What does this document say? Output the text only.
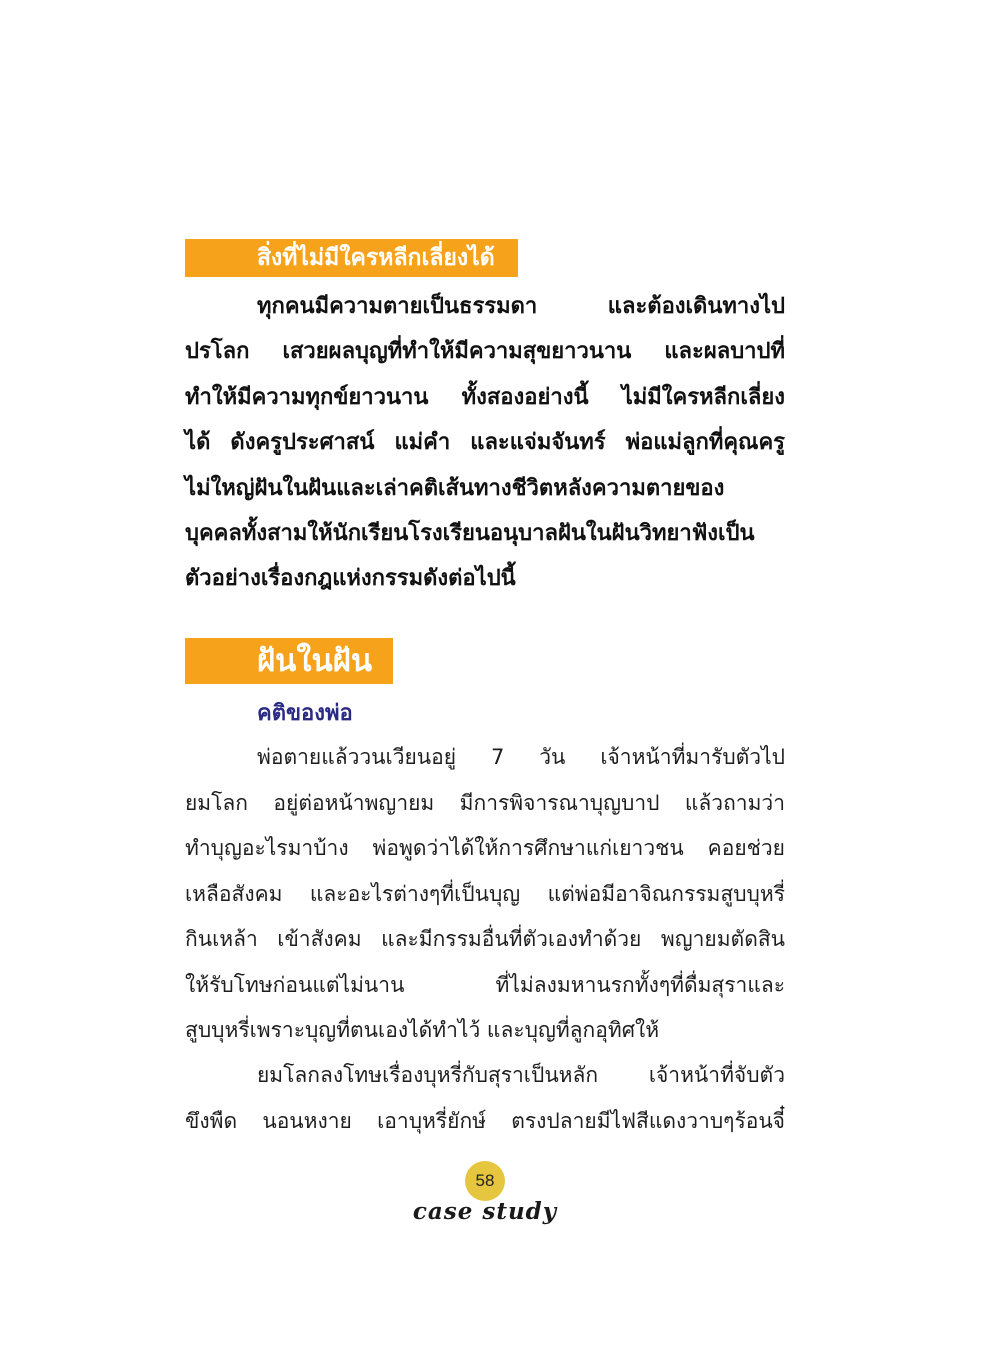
สิ่งที่ไม่มีใครหลีกเลี่ยงได้
ทุกคนมีความตายเป็นธรรมดา และต้องเดินทางไป
ปรโลก เสวยผลบุญที่ทำให้มีความสุขยาวนาน และผลบาปที่
ทำให้มีความทุกข์ยาวนาน ทั้งสองอย่างนี้ ไม่มีใครหลีกเลี่ยง
ได้ ดังครูประศาสน์ แม่คำ และแจ่มจันทร์ พ่อแม่ลูกที่คุณครู
ไม่ใหญ่ฝันในฝันและเล่าคติเส้นทางชีวิตหลังความตายของ
บุคคลทั้งสามให้นักเรียนโรงเรียนอนุบาลฝันในฝันวิทยาฟังเป็น
ตัวอย่างเรื่องกฎแห่งกรรมดังต่อไปนี้
ฝันในฝัน
คติของพ่อ
พ่อตายแล้ววนเวียนอยู่ 7 วัน เจ้าหน้าที่มารับตัวไป
ยมโลก อยู่ต่อหน้าพญายม มีการพิจารณาบุญบาป แล้วถามว่า
ทำบุญอะไรมาบ้าง พ่อพูดว่าได้ให้การศึกษาแก่เยาวชน คอยช่วย
เหลือสังคม และอะไรต่างๆที่เป็นบุญ แต่พ่อมีอาจิณกรรมสูบบุหรี่
กินเหล้า เข้าสังคม และมีกรรมอื่นที่ตัวเองทำด้วย พญายมตัดสิน
ให้รับโทษก่อนแต่ไม่นาน ที่ไม่ลงมหานรกทั้งๆที่ดื่มสุราและ
สูบบุหรี่เพราะบุญที่ตนเองได้ทำไว้ และบุญที่ลูกอุทิศให้
ยมโลกลงโทษเรื่องบุหรี่กับสุราเป็นหลัก เจ้าหน้าที่จับตัว
ขึงพืด นอนหงาย เอาบุหรี่ยักษ์ ตรงปลายมีไฟสีแดงวาบๆร้อนจี๋
58
case study
